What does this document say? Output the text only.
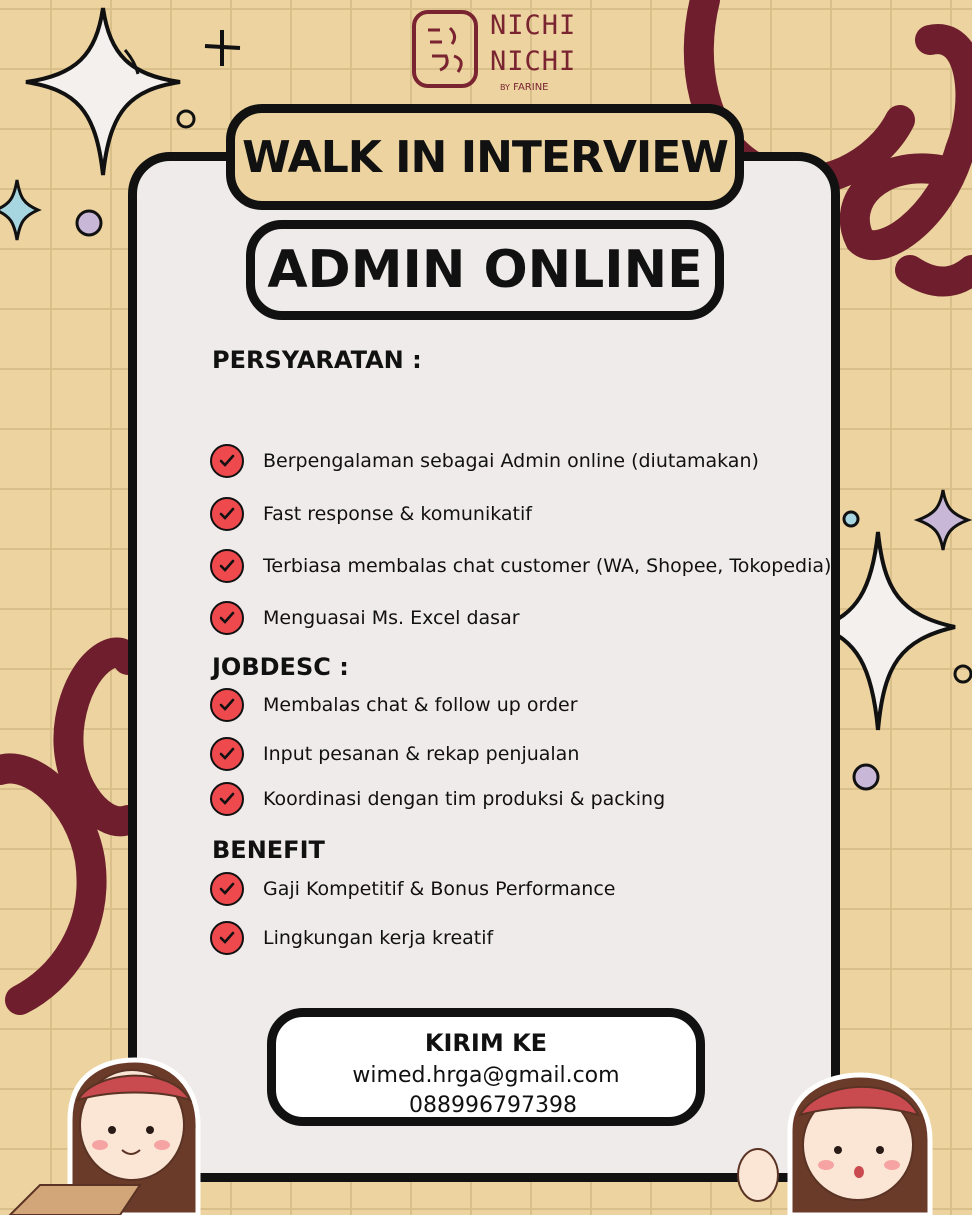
NICHI
NICHI
BY FARINE
WALK IN INTERVIEW
ADMIN ONLINE
PERSYARATAN :
Berpengalaman sebagai Admin online (diutamakan)
Fast response & komunikatif
Terbiasa membalas chat customer (WA, Shopee, Tokopedia)
Menguasai Ms. Excel dasar
JOBDESC :
Membalas chat & follow up order
Input pesanan & rekap penjualan
Koordinasi dengan tim produksi & packing
BENEFIT
Gaji Kompetitif & Bonus Performance
Lingkungan kerja kreatif
KIRIM KE
wimed.hrga@gmail.com
088996797398
